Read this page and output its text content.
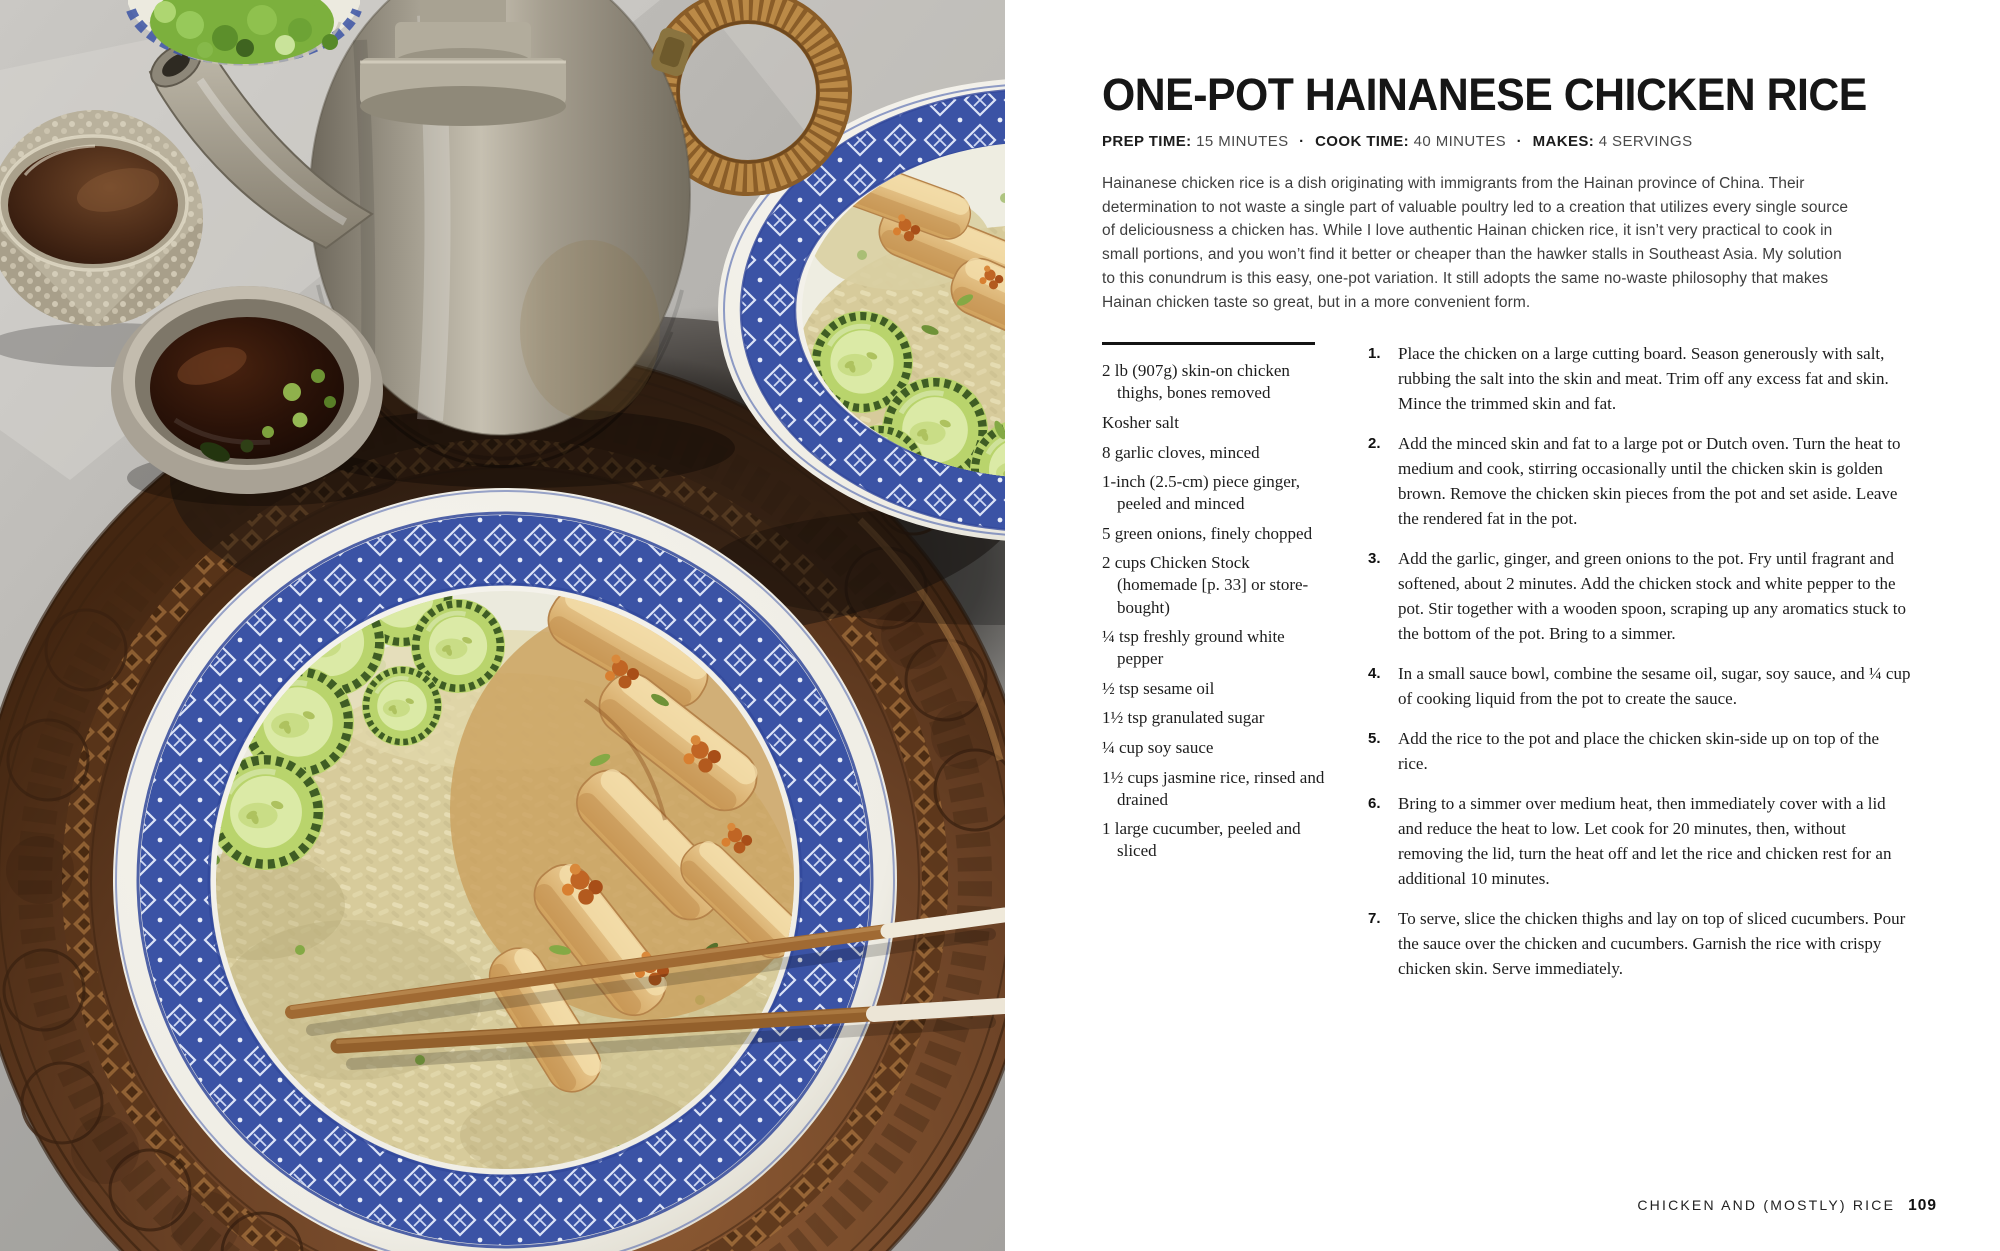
ONE-POT HAINANESE CHICKEN RICE
PREP TIME: 15 MINUTES · COOK TIME: 40 MINUTES · MAKES: 4 SERVINGS

Hainanese chicken rice is a dish originating with immigrants from the Hainan province of China. Their determination to not waste a single part of valuable poultry led to a creation that utilizes every single source of deliciousness a chicken has. While I love authentic Hainan chicken rice, it isn’t very practical to cook in small portions, and you won’t find it better or cheaper than the hawker stalls in Southeast Asia. My solution to this conundrum is this easy, one-pot variation. It still adopts the same no-waste philosophy that makes Hainan chicken taste so great, but in a more convenient form.

2 lb (907g) skin-on chicken thighs, bones removed
Kosher salt
8 garlic cloves, minced
1-inch (2.5-cm) piece ginger, peeled and minced
5 green onions, finely chopped
2 cups Chicken Stock (homemade [p. 33] or store-bought)
¼ tsp freshly ground white pepper
½ tsp sesame oil
1½ tsp granulated sugar
¼ cup soy sauce
1½ cups jasmine rice, rinsed and drained
1 large cucumber, peeled and sliced
1.	Place the chicken on a large cutting board. Season generously with salt, rubbing the salt into the skin and meat. Trim off any excess fat and skin. Mince the trimmed skin and fat.
2.	Add the minced skin and fat to a large pot or Dutch oven. Turn the heat to medium and cook, stirring occasionally until the chicken skin is golden brown. Remove the chicken skin pieces from the pot and set aside. Leave the rendered fat in the pot.
3.	Add the garlic, ginger, and green onions to the pot. Fry until fragrant and softened, about 2 minutes. Add the chicken stock and white pepper to the pot. Stir together with a wooden spoon, scraping up any aromatics stuck to the bottom of the pot. Bring to a simmer.
4.	In a small sauce bowl, combine the sesame oil, sugar, soy sauce, and ¼ cup of cooking liquid from the pot to create the sauce.
5.	Add the rice to the pot and place the chicken skin-side up on top of the rice.
6.	Bring to a simmer over medium heat, then immediately cover with a lid and reduce the heat to low. Let cook for 20 minutes, then, without removing the lid, turn the heat off and let the rice and chicken rest for an additional 10 minutes.
7.	To serve, slice the chicken thighs and lay on top of sliced cucumbers. Pour the sauce over the chicken and cucumbers. Garnish the rice with crispy chicken skin. Serve immediately.
CHICKEN AND (MOSTLY) RICE 109
